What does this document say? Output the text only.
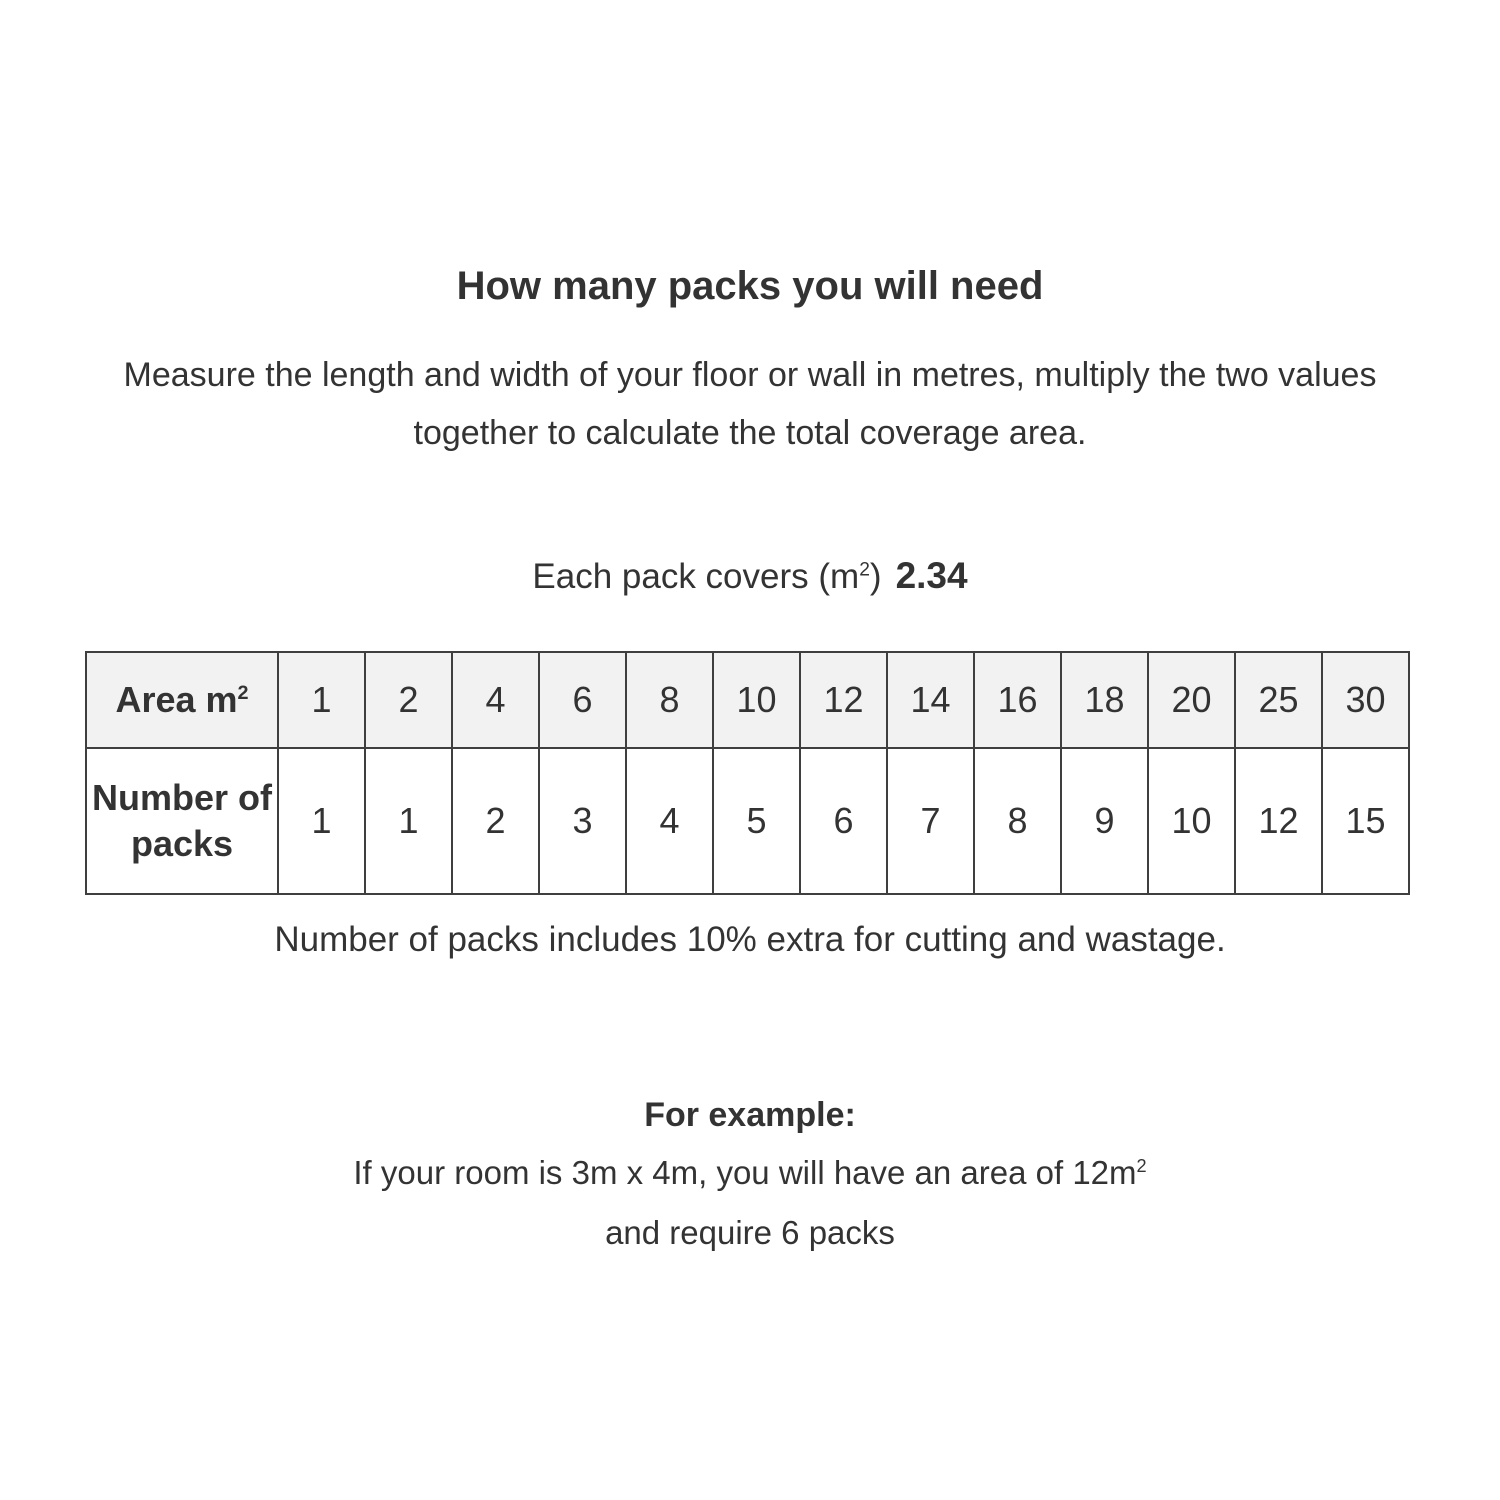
How many packs you will need

Measure the length and width of your floor or wall in metres, multiply the two values together to calculate the total coverage area.

Each pack covers $(m^2)$ 2.34

Area $m^2$	1	2	4	6	8	10	12	14	16	18	20	25	30
Number of packs	1	1	2	3	4	5	6	7	8	9	10	12	15

Number of packs includes 10% extra for cutting and wastage.

For example:

If your room is 3m x 4m, you will have an area of $12m^2$

and require 6 packs
